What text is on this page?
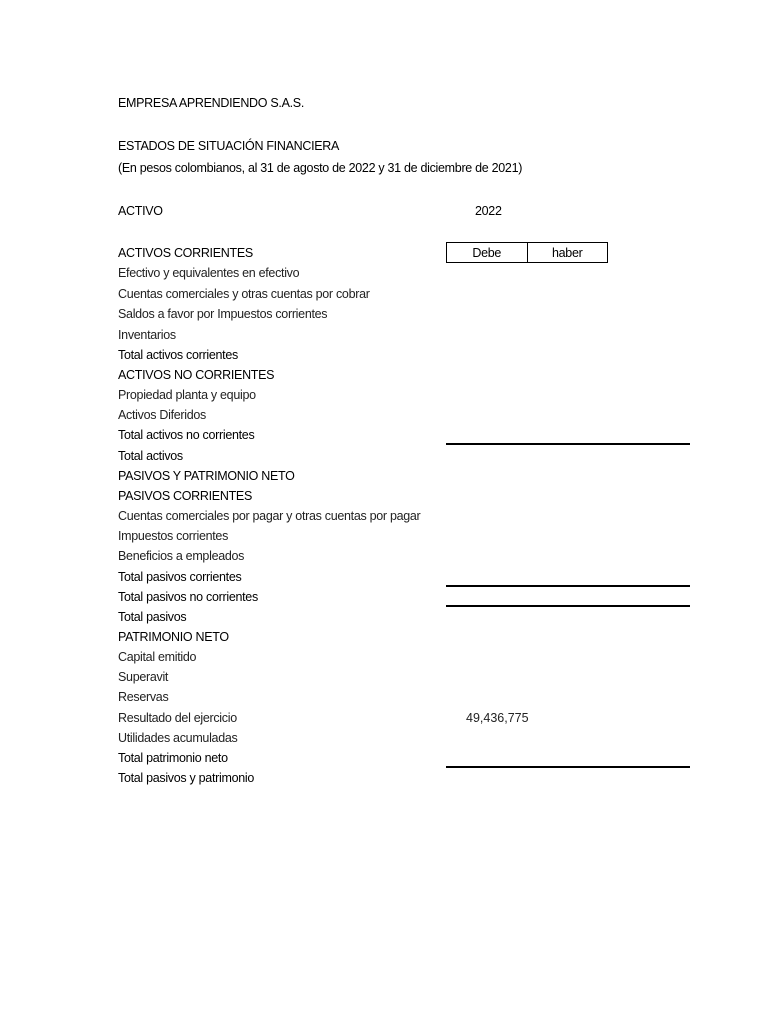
EMPRESA APRENDIENDO S.A.S.
ESTADOS DE SITUACIÓN FINANCIERA
(En pesos colombianos, al 31 de agosto de 2022 y 31 de diciembre de 2021)
ACTIVO	2022
Debe	haber
ACTIVOS CORRIENTES
Efectivo y equivalentes en efectivo
Cuentas comerciales y otras cuentas por cobrar
Saldos a favor por Impuestos corrientes
Inventarios
Total activos corrientes
ACTIVOS NO CORRIENTES
Propiedad planta y equipo
Activos Diferidos
Total activos no corrientes
Total activos
PASIVOS Y PATRIMONIO NETO
PASIVOS CORRIENTES
Cuentas comerciales por pagar y otras cuentas por pagar
Impuestos corrientes
Beneficios a empleados
Total pasivos corrientes
Total pasivos no corrientes
Total pasivos
PATRIMONIO NETO
Capital emitido
Superavit
Reservas
Resultado del ejercicio
Utilidades acumuladas
Total patrimonio neto
Total pasivos y patrimonio
49,436,775
